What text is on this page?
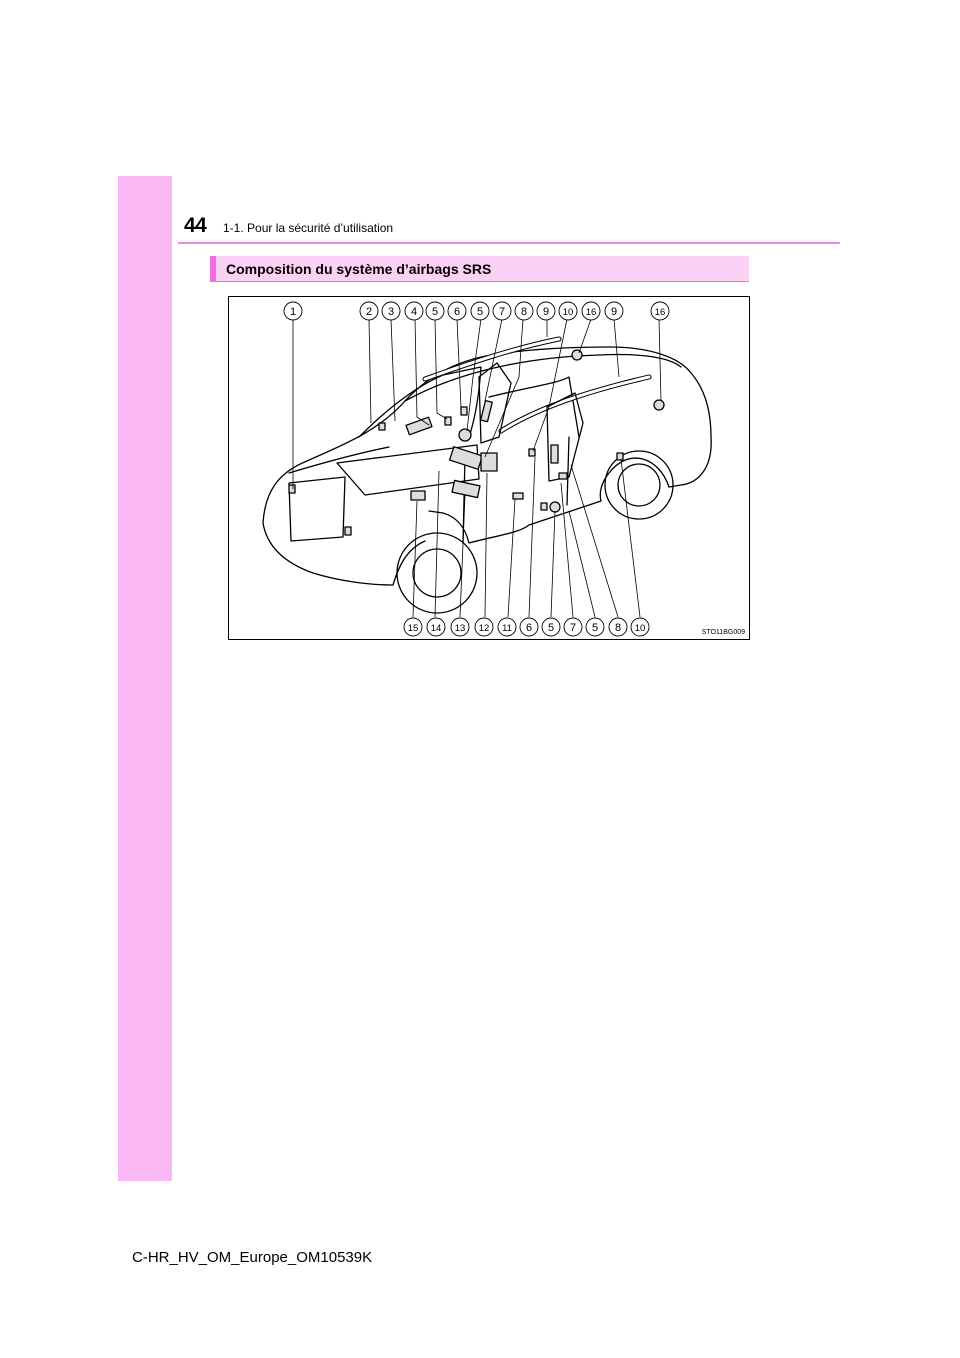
44 1-1. Pour la sécurité d’utilisation
Composition du système d’airbags SRS
1	2 3 4 5 6 5 7 8 9 10 16 9	16
15 14 13 12 11 6 5 7 5 8 10	STO11BG009
C-HR_HV_OM_Europe_OM10539K
